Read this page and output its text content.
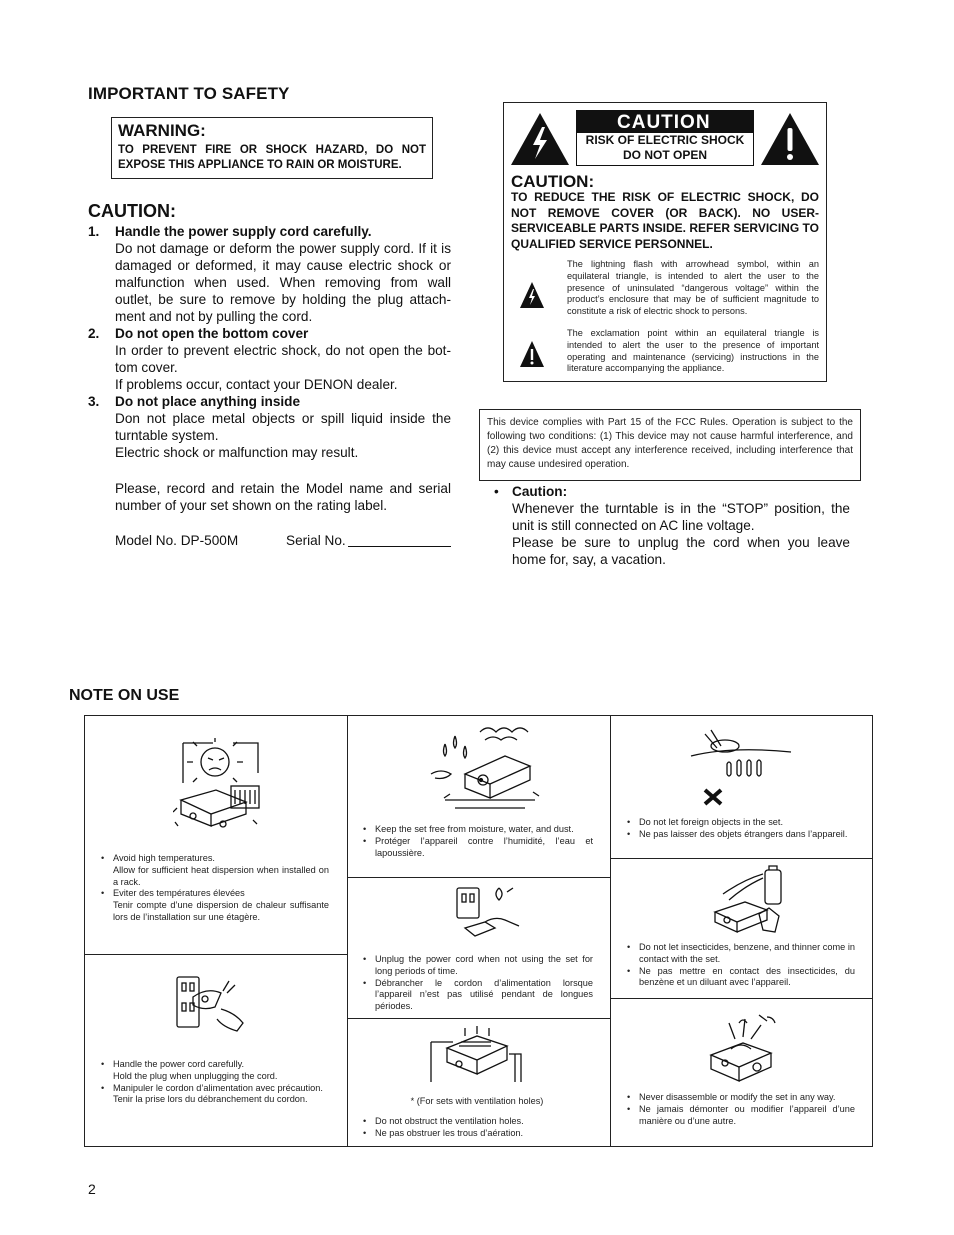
IMPORTANT TO SAFETY
WARNING:
TO PREVENT FIRE OR SHOCK HAZARD, DO NOT EXPOSE THIS APPLIANCE TO RAIN OR MOISTURE.
CAUTION:
1.	Handle the power supply cord carefully.

Do not damage or deform the power supply cord. If it is damaged or deformed, it may cause electric shock or malfunction when used. When removing from wall outlet, be sure to remove by holding the plug attach-ment and not by pulling the cord.

2.	Do not open the bottom cover

In order to prevent electric shock, do not open the bot-tom cover.

If problems occur, contact your DENON dealer.

3.	Do not place anything inside

Don not place metal objects or spill liquid inside the turntable system.

Electric shock or malfunction may result.

Please, record and retain the Model name and serial number of your set shown on the rating label.
Model No. DP-500M	Serial No.
CAUTION
RISK OF ELECTRIC SHOCK
DO NOT OPEN
CAUTION:
TO REDUCE THE RISK OF ELECTRIC SHOCK, DO NOT REMOVE COVER (OR BACK). NO USER-SERVICEABLE PARTS INSIDE. REFER SERVICING TO QUALIFIED SERVICE PERSONNEL.
The lightning flash with arrowhead symbol, within an equilateral triangle, is intended to alert the user to the presence of uninsulated “dangerous voltage” within the product’s enclosure that may be of sufficient magnitude to constitute a risk of electric shock to persons.
The exclamation point within an equilateral triangle is intended to alert the user to the presence of important operating and maintenance (servicing) instructions in the literature accompanying the appliance.
This device complies with Part 15 of the FCC Rules. Operation is subject to the following two conditions: (1) This device may not cause harmful interference, and (2) this device must accept any interference received, including interference that may cause undesired operation.
• Caution:
Whenever the turntable is in the “STOP” position, the unit is still connected on AC line voltage.
Please be sure to unplug the cord when you leave home for, say, a vacation.
NOTE ON USE
• Avoid high temperatures.
Allow for sufficient heat dispersion when installed on a rack.
• Eviter des températures élevées
Tenir compte d’une dispersion de chaleur suffisante lors de l’installation sur une étagère.
• Keep the set free from moisture, water, and dust.
• Protéger l’appareil contre l’humidité, l’eau et lapoussière.
• Do not let foreign objects in the set.
• Ne pas laisser des objets étrangers dans l’appareil.
• Unplug the power cord when not using the set for long periods of time.
• Débrancher le cordon d’alimentation lorsque l’appareil n’est pas utilisé pendant de longues périodes.
• Do not let insecticides, benzene, and thinner come in contact with the set.
• Ne pas mettre en contact des insecticides, du benzène et un diluant avec l’appareil.
• Handle the power cord carefully.
Hold the plug when unplugging the cord.
• Manipuler le cordon d’alimentation avec précaution.
Tenir la prise lors du débranchement du cordon.	* (For sets with ventilation holes)
• Do not obstruct the ventilation holes.
• Ne pas obstruer les trous d’aération.
• Never disassemble or modify the set in any way.
• Ne jamais démonter ou modifier l’appareil d’une manière ou d’une autre.
2
